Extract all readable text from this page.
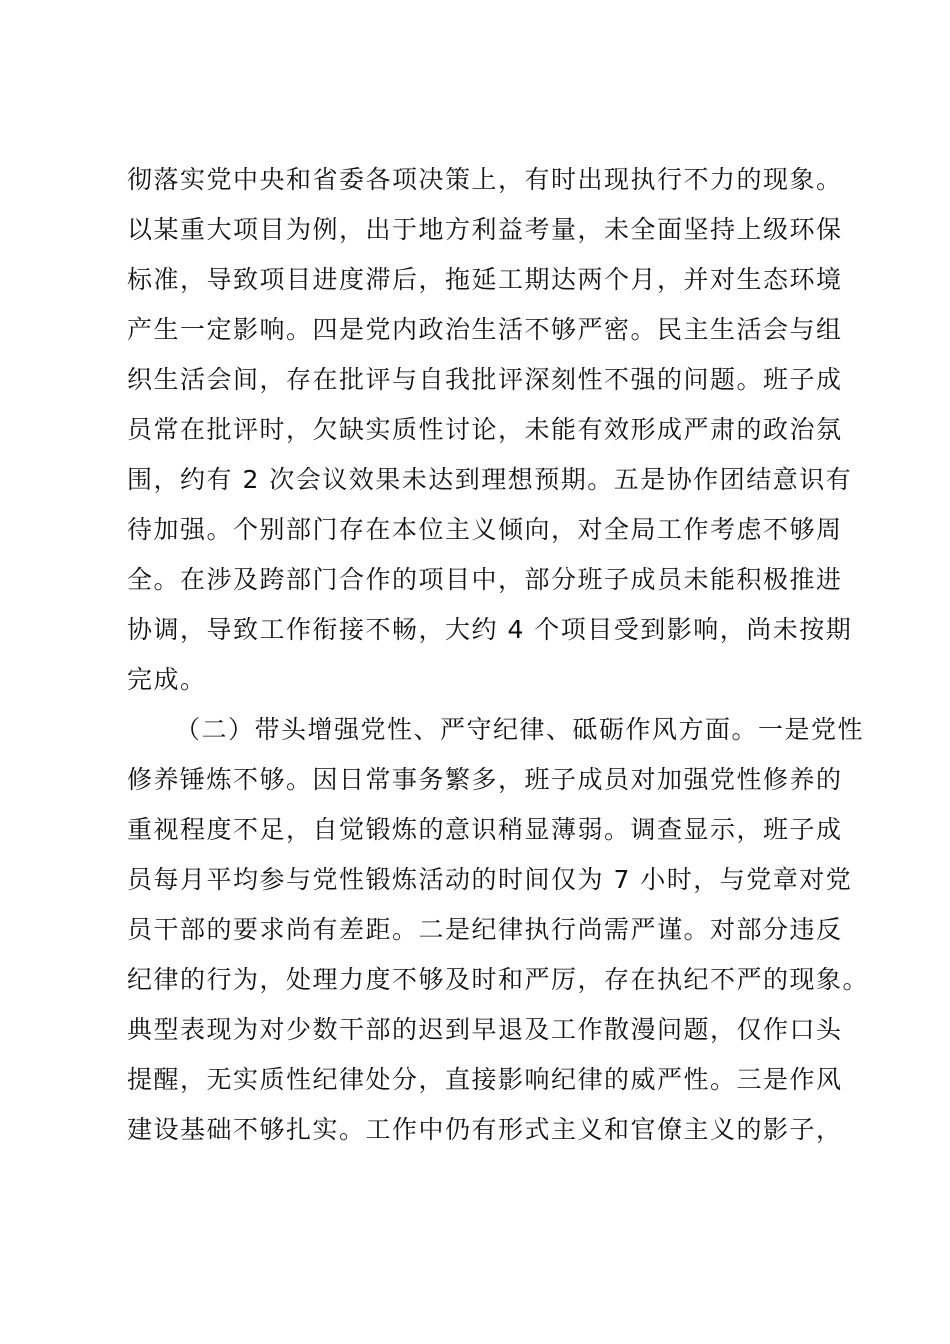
彻落实党中央和省委各项决策上，有时出现执行不力的现象。
以某重大项目为例，出于地方利益考量，未全面坚持上级环保
标准，导致项目进度滞后，拖延工期达两个月，并对生态环境
产生一定影响。四是党内政治生活不够严密。民主生活会与组
织生活会间，存在批评与自我批评深刻性不强的问题。班子成
员常在批评时，欠缺实质性讨论，未能有效形成严肃的政治氛
围，约有 2 次会议效果未达到理想预期。五是协作团结意识有
待加强。个别部门存在本位主义倾向，对全局工作考虑不够周
全。在涉及跨部门合作的项目中，部分班子成员未能积极推进
协调，导致工作衔接不畅，大约 4 个项目受到影响，尚未按期
完成。
（二）带头增强党性、严守纪律、砥砺作风方面。一是党性
修养锤炼不够。因日常事务繁多，班子成员对加强党性修养的
重视程度不足，自觉锻炼的意识稍显薄弱。调查显示，班子成
员每月平均参与党性锻炼活动的时间仅为 7 小时，与党章对党
员干部的要求尚有差距。二是纪律执行尚需严谨。对部分违反
纪律的行为，处理力度不够及时和严厉，存在执纪不严的现象。
典型表现为对少数干部的迟到早退及工作散漫问题，仅作口头
提醒，无实质性纪律处分，直接影响纪律的威严性。三是作风
建设基础不够扎实。工作中仍有形式主义和官僚主义的影子，
